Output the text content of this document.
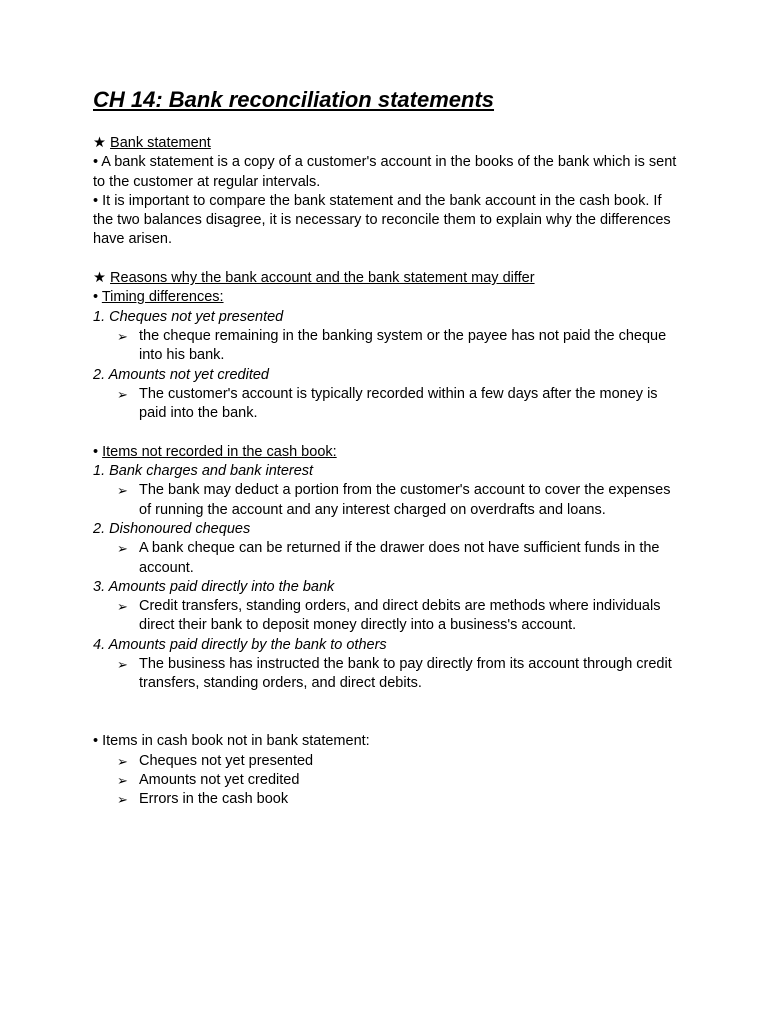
CH 14: Bank reconciliation statements

★ Bank statement

• A bank statement is a copy of a customer's account in the books of the bank which is sent to the customer at regular intervals.

• It is important to compare the bank statement and the bank account in the cash book. If the two balances disagree, it is necessary to reconcile them to explain why the differences have arisen.

★ Reasons why the bank account and the bank statement may differ

• Timing differences:

1. Cheques not yet presented

➢ the cheque remaining in the banking system or the payee has not paid the cheque into his bank.

2. Amounts not yet credited

➢ The customer's account is typically recorded within a few days after the money is paid into the bank.

• Items not recorded in the cash book:

1. Bank charges and bank interest

➢ The bank may deduct a portion from the customer's account to cover the expenses of running the account and any interest charged on overdrafts and loans.

2. Dishonoured cheques

➢ A bank cheque can be returned if the drawer does not have sufficient funds in the account.

3. Amounts paid directly into the bank

➢ Credit transfers, standing orders, and direct debits are methods where individuals direct their bank to deposit money directly into a business's account.

4. Amounts paid directly by the bank to others

➢ The business has instructed the bank to pay directly from its account through credit transfers, standing orders, and direct debits.

• Items in cash book not in bank statement:

➢ Cheques not yet presented

➢ Amounts not yet credited

➢ Errors in the cash book
